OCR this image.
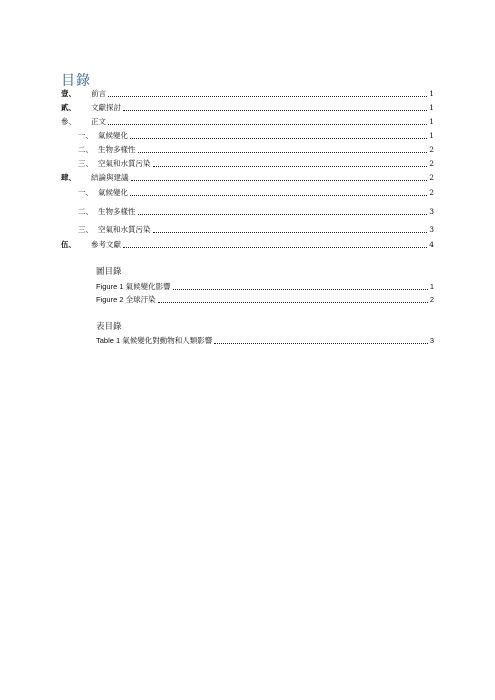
目錄
壹、	前言	1
貳、	文獻探討	1
參、	正文	1
一、 氣候變化	1
二、 生物多樣性	2
三、 空氣和水質污染	2
肆、	結論與建議	2
一、 氣候變化	2
二、 生物多樣性	3
三、 空氣和水質污染	3
伍、	參考文獻	4
圖目錄
Figure 1 氣候變化影響	1
Figure 2 全球汙染	2
表目錄
Table 1 氣候變化對動物和人類影響	3
